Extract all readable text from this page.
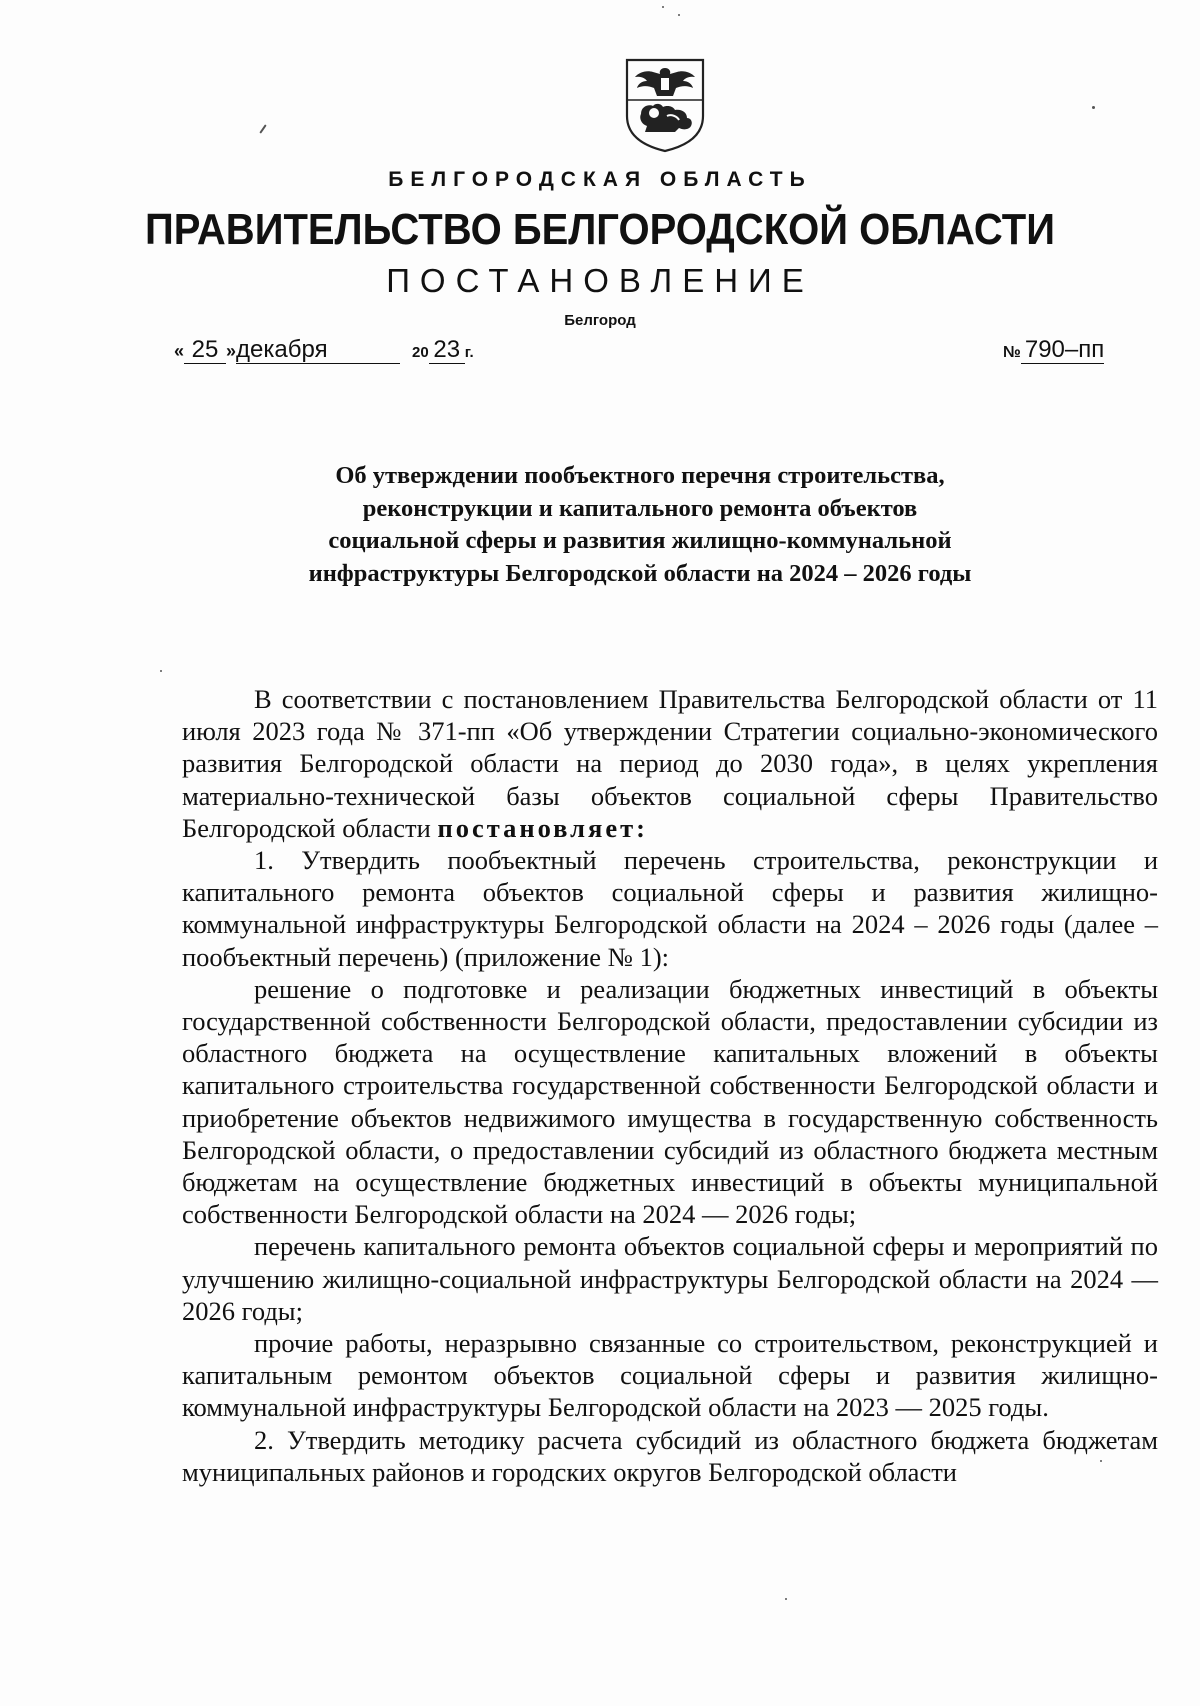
БЕЛГОРОДСКАЯ ОБЛАСТЬ
ПРАВИТЕЛЬСТВО БЕЛГОРОДСКОЙ ОБЛАСТИ
ПОСТАНОВЛЕНИЕ
Белгород
« 25 »декабря	20 23 г.	№ 790–пп
Об утверждении пообъектного перечня строительства,
реконструкции и капитального ремонта объектов
социальной сферы и развития жилищно-коммунальной
инфраструктуры Белгородской области на 2024 – 2026 годы

В соответствии с постановлением Правительства Белгородской области от 11 июля 2023 года № 371-пп «Об утверждении Стратегии социально-экономического развития Белгородской области на период до 2030 года», в целях укрепления материально-технической базы объектов социальной сферы Правительство Белгородской области постановляет:

1. Утвердить пообъектный перечень строительства, реконструкции и капитального ремонта объектов социальной сферы и развития жилищно-коммунальной инфраструктуры Белгородской области на 2024 – 2026 годы (далее – пообъектный перечень) (приложение № 1):

решение о подготовке и реализации бюджетных инвестиций в объекты государственной собственности Белгородской области, предоставлении субсидии из областного бюджета на осуществление капитальных вложений в объекты капитального строительства государственной собственности Белгородской области и приобретение объектов недвижимого имущества в государственную собственность Белгородской области, о предоставлении субсидий из областного бюджета местным бюджетам на осуществление бюджетных инвестиций в объекты муниципальной собственности Белгородской области на 2024 — 2026 годы;

перечень капитального ремонта объектов социальной сферы и мероприятий по улучшению жилищно-социальной инфраструктуры Белгородской области на 2024 — 2026 годы;

прочие работы, неразрывно связанные со строительством, реконструкцией и капитальным ремонтом объектов социальной сферы и развития жилищно-коммунальной инфраструктуры Белгородской области на 2023 — 2025 годы.

2. Утвердить методику расчета субсидий из областного бюджета бюджетам муниципальных районов и городских округов Белгородской области
